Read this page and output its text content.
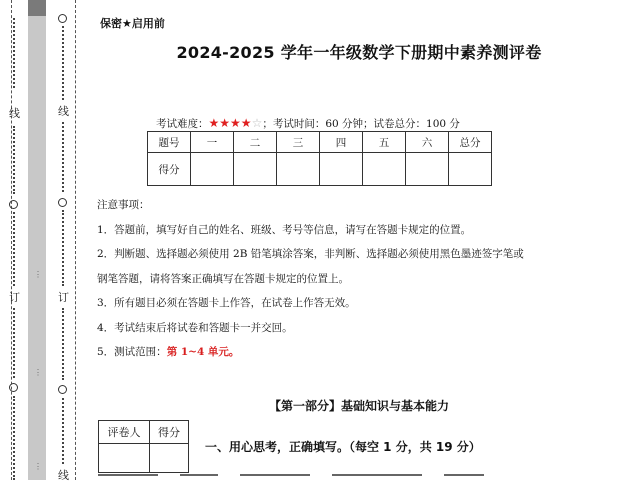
线
订
⋮
⋮
⋮
线
订
线
保密★启用前
2024-2025 学年一年级数学下册期中素养测评卷
考试难度：★★★★☆；考试时间：60 分钟；试卷总分：100 分
题号	一	二	三	四	五	六	总分
得分							
注意事项：
1．答题前，填写好自己的姓名、班级、考号等信息，请写在答题卡规定的位置。
2．判断题、选择题必须使用 2B 铅笔填涂答案，非判断、选择题必须使用黑色墨迹签字笔或
钢笔答题，请将答案正确填写在答题卡规定的位置上。
3．所有题目必须在答题卡上作答，在试卷上作答无效。
4．考试结束后将试卷和答题卡一并交回。
5．测试范围：第 1~4 单元。
【第一部分】基础知识与基本能力
评卷人	得分

一、用心思考，正确填写。（每空 1 分，共 19 分）
